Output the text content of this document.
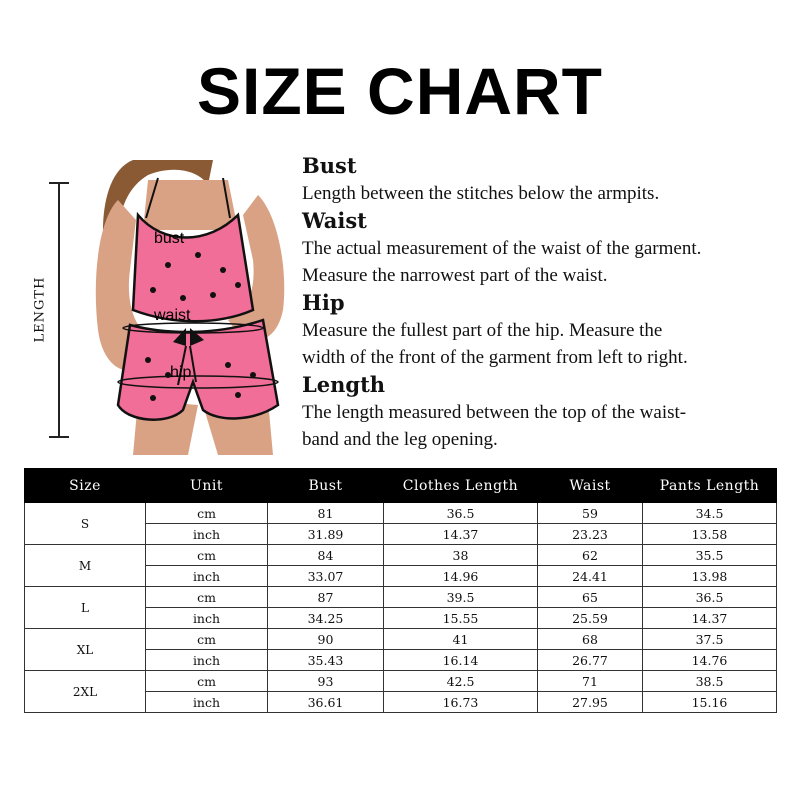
SIZE CHART
LENGTH
bust
waist
hip

Bust

Length between the stitches below the armpits.

Waist

The actual measurement of the waist of the garment.

Measure the narrowest part of the waist.

Hip

Measure the fullest part of the hip. Measure the

width of the front of the garment from left to right.

Length

The length measured between the top of the waist-

band and the leg opening.

Size	Unit	Bust	Clothes Length	Waist	Pants Length
S	cm	81	36.5	59	34.5
	inch	31.89	14.37	23.23	13.58
M	cm	84	38	62	35.5
	inch	33.07	14.96	24.41	13.98
L	cm	87	39.5	65	36.5
	inch	34.25	15.55	25.59	14.37
XL	cm	90	41	68	37.5
	inch	35.43	16.14	26.77	14.76
2XL	cm	93	42.5	71	38.5
	inch	36.61	16.73	27.95	15.16
